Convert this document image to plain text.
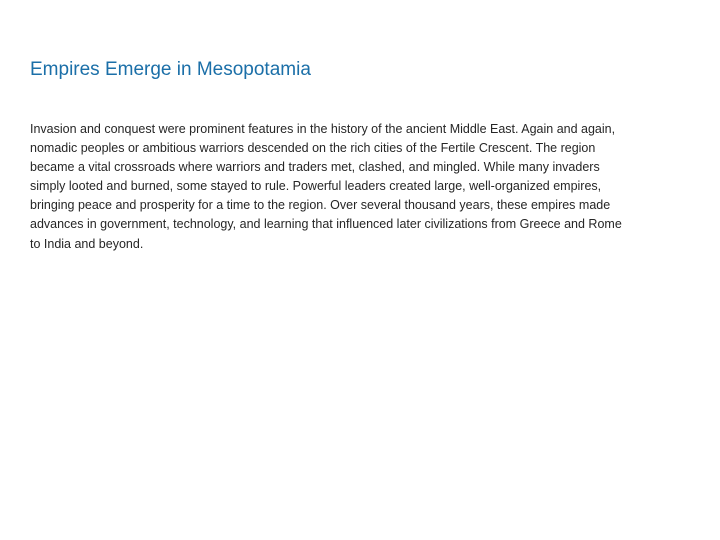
Empires Emerge in Mesopotamia

Invasion and conquest were prominent features in the history of the ancient Middle East. Again and again, nomadic peoples or ambitious warriors descended on the rich cities of the Fertile Crescent. The region became a vital crossroads where warriors and traders met, clashed, and mingled. While many invaders simply looted and burned, some stayed to rule. Powerful leaders created large, well-organized empires, bringing peace and prosperity for a time to the region. Over several thousand years, these empires made advances in government, technology, and learning that influenced later civilizations from Greece and Rome to India and beyond.
